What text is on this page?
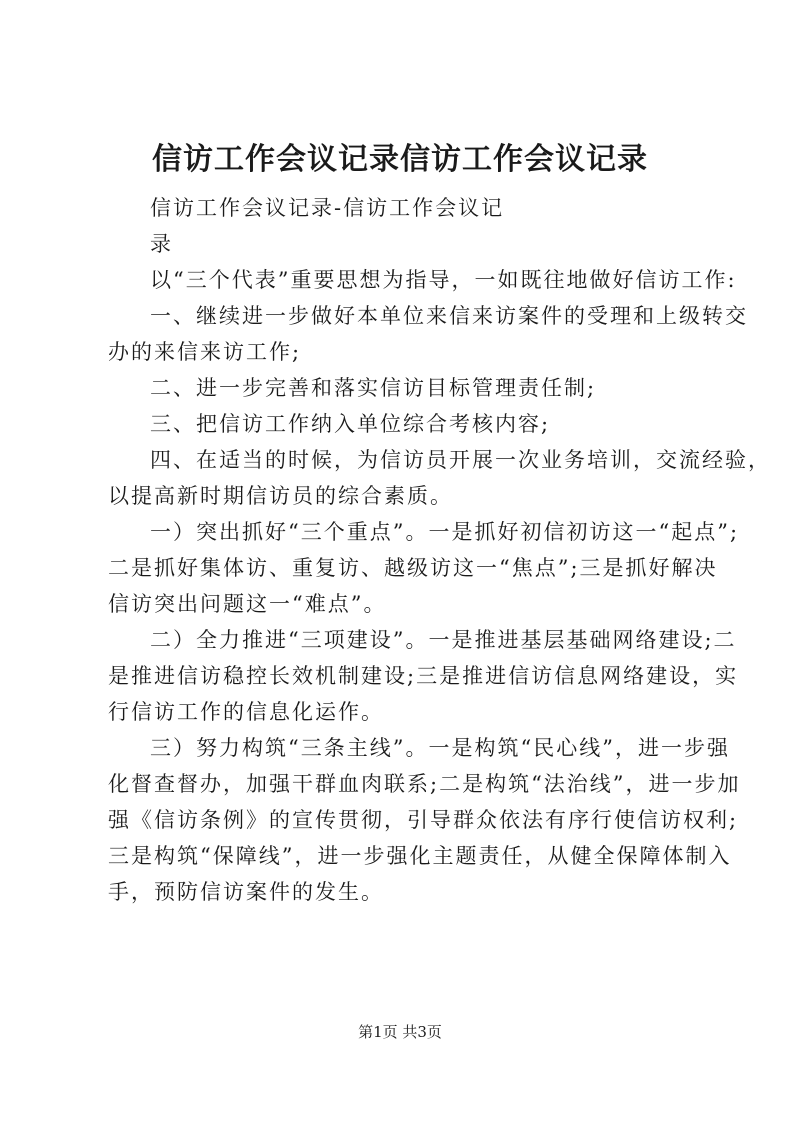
信访工作会议记录信访工作会议记录
信访工作会议记录-信访工作会议记
录
以“三个代表”重要思想为指导，一如既往地做好信访工作:
一、继续进一步做好本单位来信来访案件的受理和上级转交
办的来信来访工作;
二、进一步完善和落实信访目标管理责任制;
三、把信访工作纳入单位综合考核内容;
四、在适当的时候，为信访员开展一次业务培训，交流经验，
以提高新时期信访员的综合素质。
一）突出抓好“三个重点”。一是抓好初信初访这一“起点”;
二是抓好集体访、重复访、越级访这一“焦点”;三是抓好解决
信访突出问题这一“难点”。
二）全力推进“三项建设”。一是推进基层基础网络建设;二
是推进信访稳控长效机制建设;三是推进信访信息网络建设，实
行信访工作的信息化运作。
三）努力构筑“三条主线”。一是构筑“民心线”，进一步强
化督查督办，加强干群血肉联系;二是构筑“法治线”，进一步加
强《信访条例》的宣传贯彻，引导群众依法有序行使信访权利;
三是构筑“保障线”，进一步强化主题责任，从健全保障体制入
手，预防信访案件的发生。
第1页 共3页
